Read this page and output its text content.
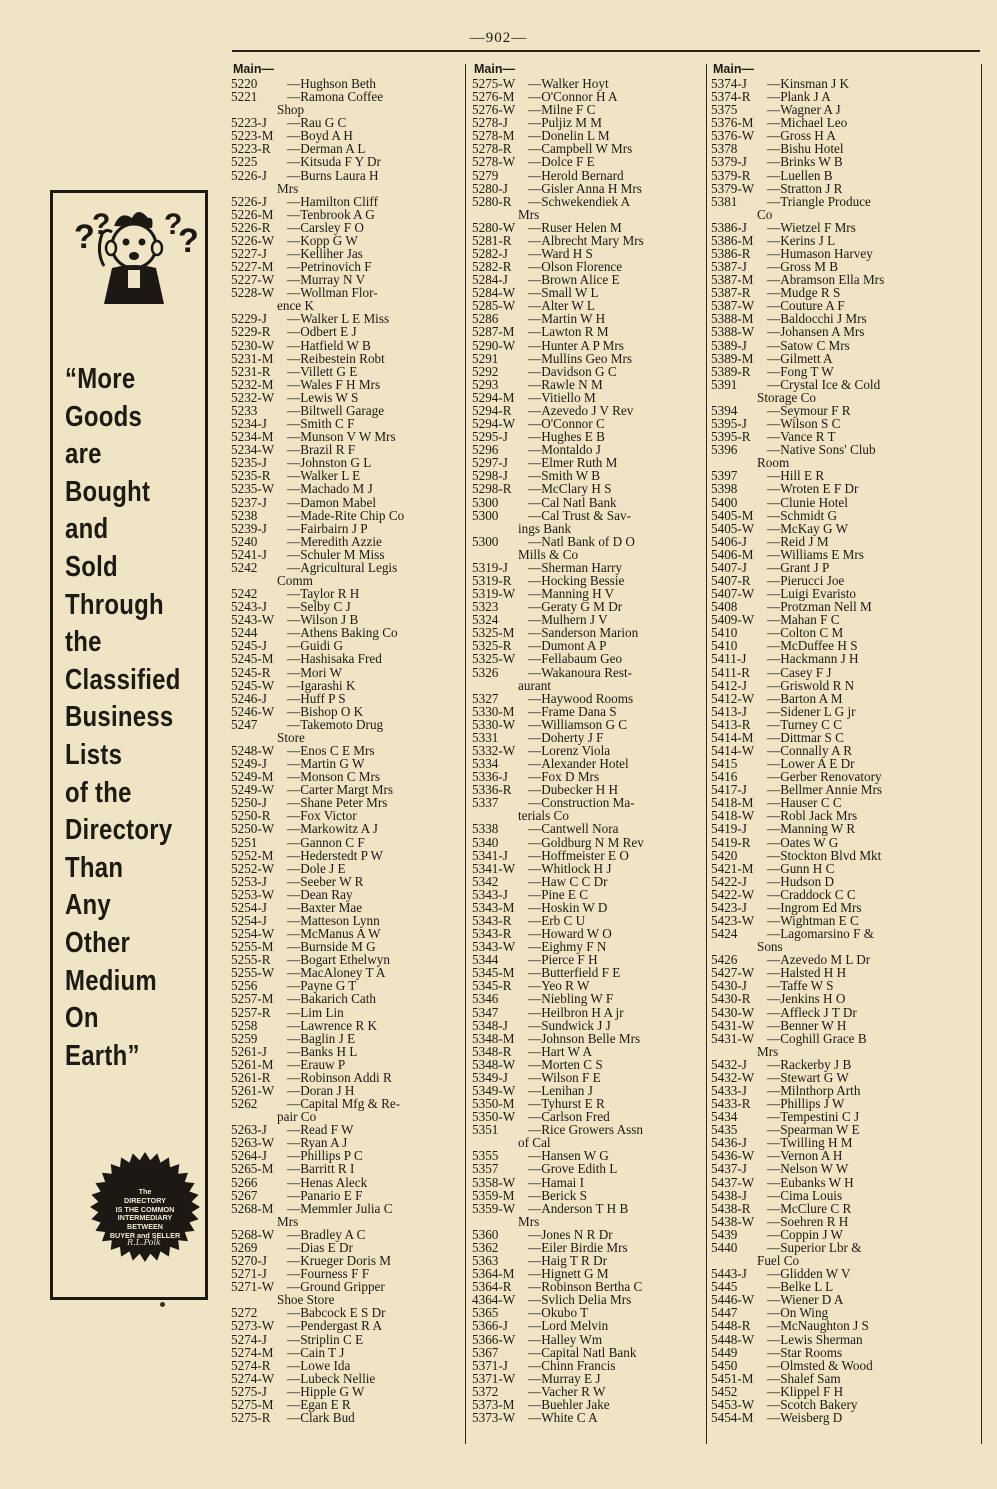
—902—
Main—
5220 —Hughson Beth
5221 —Ramona Coffee
Shop
5223-J —Rau G C
5223-M —Boyd A H
5223-R —Derman A L
5225 —Kitsuda F Y Dr
5226-J —Burns Laura H
Mrs
5226-J —Hamilton Cliff
5226-M —Tenbrook A G
5226-R —Carsley F O
5226-W —Kopp G W
5227-J —Kelliher Jas
5227-M —Petrinovich F
5227-W —Murray N V
5228-W —Wollman Flor-
ence K
5229-J —Walker L E Miss
5229-R —Odbert E J
5230-W —Hatfield W B
5231-M —Reibestein Robt
5231-R —Villett G E
5232-M —Wales F H Mrs
5232-W —Lewis W S
5233 —Biltwell Garage
5234-J —Smith C F
5234-M —Munson V W Mrs
5234-W —Brazil R F
5235-J —Johnston G L
5235-R —Walker L E
5235-W —Machado M J
5237-J —Damon Mabel
5238 —Made-Rite Chip Co
5239-J —Fairbairn J P
5240 —Meredith Azzie
5241-J —Schuler M Miss
5242 —Agricultural Legis
Comm
5242 —Taylor R H
5243-J —Selby C J
5243-W —Wilson J B
5244 —Athens Baking Co
5245-J —Guidi G
5245-M —Hashisaka Fred
5245-R —Mori W
5245-W —Igarashi K
5246-J —Huff P S
5246-W —Bishop O K
5247 —Takemoto Drug
Store
5248-W —Enos C E Mrs
5249-J —Martin G W
5249-M —Monson C Mrs
5249-W —Carter Margt Mrs
5250-J —Shane Peter Mrs
5250-R —Fox Victor
5250-W —Markowitz A J
5251 —Gannon C F
5252-M —Hederstedt P W
5252-W —Dole J E
5253-J —Seeber W R
5253-W —Dean Ray
5254-J —Baxter Mae
5254-J —Matteson Lynn
5254-W —McManus A W
5255-M —Burnside M G
5255-R —Bogart Ethelwyn
5255-W —MacAloney T A
5256 —Payne G T
5257-M —Bakarich Cath
5257-R —Lim Lin
5258 —Lawrence R K
5259 —Baglin J E
5261-J —Banks H L
5261-M —Erauw P
5261-R —Robinson Addi R
5261-W —Doran J H
5262 —Capital Mfg & Re-
pair Co
5263-J —Read F W
5263-W —Ryan A J
5264-J —Phillips P C
5265-M —Barritt R I
5266 —Henas Aleck
5267 —Panario E F
5268-M —Memmler Julia C
Mrs
5268-W —Bradley A C
5269 —Dias E Dr
5270-J —Krueger Doris M
5271-J —Fourness F F
5271-W —Ground Gripper
Shoe Store
5272 —Babcock E S Dr
5273-W —Pendergast R A
5274-J —Striplin C E
5274-M —Cain T J
5274-R —Lowe Ida
5274-W —Lubeck Nellie
5275-J —Hipple G W
5275-M —Egan E R
5275-R —Clark Bud
Main—
5275-W —Walker Hoyt
5276-M —O'Connor H A
5276-W —Milne F C
5278-J —Puljiz M M
5278-M —Donelin L M
5278-R —Campbell W Mrs
5278-W —Dolce F E
5279 —Herold Bernard
5280-J —Gisler Anna H Mrs
5280-R —Schwekendiek A
Mrs
5280-W —Ruser Helen M
5281-R —Albrecht Mary Mrs
5282-J —Ward H S
5282-R —Olson Florence
5284-J —Brown Alice E
5284-W —Small W L
5285-W —Alter W L
5286 —Martin W H
5287-M —Lawton R M
5290-W —Hunter A P Mrs
5291 —Mullins Geo Mrs
5292 —Davidson G C
5293 —Rawle N M
5294-M —Vitiello M
5294-R —Azevedo J V Rev
5294-W —O'Connor C
5295-J —Hughes E B
5296 —Montaldo J
5297-J —Elmer Ruth M
5298-J —Smith W B
5298-R —McClary H S
5300 —Cal Natl Bank
5300 —Cal Trust & Sav-
ings Bank
5300 —Natl Bank of D O
Mills & Co
5319-J —Sherman Harry
5319-R —Hocking Bessie
5319-W —Manning H V
5323 —Geraty G M Dr
5324 —Mulhern J V
5325-M —Sanderson Marion
5325-R —Dumont A P
5325-W —Fellabaum Geo
5326 —Wakanoura Rest-
aurant
5327 —Haywood Rooms
5330-M —Frame Dana S
5330-W —Williamson G C
5331 —Doherty J F
5332-W —Lorenz Viola
5334 —Alexander Hotel
5336-J —Fox D Mrs
5336-R —Dubecker H H
5337 —Construction Ma-
terials Co
5338 —Cantwell Nora
5340 —Goldburg N M Rev
5341-J —Hoffmeister E O
5341-W —Whitlock H J
5342 —Haw C C Dr
5343-J —Pine E C
5343-M —Hoskin W D
5343-R —Erb C U
5343-R —Howard W O
5343-W —Eighmy F N
5344 —Pierce F H
5345-M —Butterfield F E
5345-R —Yeo R W
5346 —Niebling W F
5347 —Heilbron H A jr
5348-J —Sundwick J J
5348-M —Johnson Belle Mrs
5348-R —Hart W A
5348-W —Morten C S
5349-J —Wilson F E
5349-W —Lenihan J
5350-M —Tyhurst E R
5350-W —Carlson Fred
5351 —Rice Growers Assn
of Cal
5355 —Hansen W G
5357 —Grove Edith L
5358-W —Hamai I
5359-M —Berick S
5359-W —Anderson T H B
Mrs
5360 —Jones N R Dr
5362 —Eiler Birdie Mrs
5363 —Haig T R Dr
5364-M —Hignett G M
5364-R —Robinson Bertha C
4364-W —Svlich Delia Mrs
5365 —Okubo T
5366-J —Lord Melvin
5366-W —Halley Wm
5367 —Capital Natl Bank
5371-J —Chinn Francis
5371-W —Murray E J
5372 —Vacher R W
5373-M —Buehler Jake
5373-W —White C A
Main—
5374-J —Kinsman J K
5374-R —Plank J A
5375 —Wagner A J
5376-M —Michael Leo
5376-W —Gross H A
5378 —Bishu Hotel
5379-J —Brinks W B
5379-R —Luellen B
5379-W —Stratton J R
5381 —Triangle Produce
Co
5386-J —Wietzel F Mrs
5386-M —Kerins J L
5386-R —Humason Harvey
5387-J —Gross M B
5387-M —Abramson Ella Mrs
5387-R —Mudge R S
5387-W —Couture A F
5388-M —Baldocchi J Mrs
5388-W —Johansen A Mrs
5389-J —Satow C Mrs
5389-M —Gilmett A
5389-R —Fong T W
5391 —Crystal Ice & Cold
Storage Co
5394 —Seymour F R
5395-J —Wilson S C
5395-R —Vance R T
5396 —Native Sons' Club
Room
5397 —Hill E R
5398 —Wroten E F Dr
5400 —Clunie Hotel
5405-M —Schmidt G
5405-W —McKay G W
5406-J —Reid J M
5406-M —Williams E Mrs
5407-J —Grant J P
5407-R —Pierucci Joe
5407-W —Luigi Evaristo
5408 —Protzman Nell M
5409-W —Mahan F C
5410 —Colton C M
5410 —McDuffee H S
5411-J —Hackmann J H
5411-R —Casey F J
5412-J —Griswold R N
5412-W —Barton A M
5413-J —Sidener L G jr
5413-R —Turney C C
5414-M —Dittmar S C
5414-W —Connally A R
5415 —Lower A E Dr
5416 —Gerber Renovatory
5417-J —Bellmer Annie Mrs
5418-M —Hauser C C
5418-W —Robl Jack Mrs
5419-J —Manning W R
5419-R —Oates W G
5420 —Stockton Blvd Mkt
5421-M —Gunn H C
5422-J —Hudson D
5422-W —Craddock C C
5423-J —Ingrom Ed Mrs
5423-W —Wightman E C
5424 —Lagomarsino F &
Sons
5426 —Azevedo M L Dr
5427-W —Halsted H H
5430-J —Taffe W S
5430-R —Jenkins H O
5430-W —Affleck J T Dr
5431-W —Benner W H
5431-W —Coghill Grace B
Mrs
5432-J —Rackerby J B
5432-W —Stewart G W
5433-J —Milnthorp Arth
5433-R —Phillips J W
5434 —Tempestini C J
5435 —Spearman W E
5436-J —Twilling H M
5436-W —Vernon A H
5437-J —Nelson W W
5437-W —Eubanks W H
5438-J —Cima Louis
5438-R —McClure C R
5438-W —Soehren R H
5439 —Coppin J W
5440 —Superior Lbr &
Fuel Co
5443-J —Glidden W V
5445 —Belke L L
5446-W —Wiener D A
5447 —On Wing
5448-R —McNaughton J S
5448-W —Lewis Sherman
5449 —Star Rooms
5450 —Olmsted & Wood
5451-M —Shalef Sam
5452 —Klippel F H
5453-W —Scotch Bakery
5454-M —Weisberg D
?
? ?
?
“More
Goods
are
Bought
and
Sold
Through
the
Classified
Business
Lists
of the
Directory
Than
Any
Other
Medium
On
Earth”
The
DIRECTORY
IS THE COMMON
INTERMEDIARY
BETWEEN
BUYER and SELLER
R.L.Polk
